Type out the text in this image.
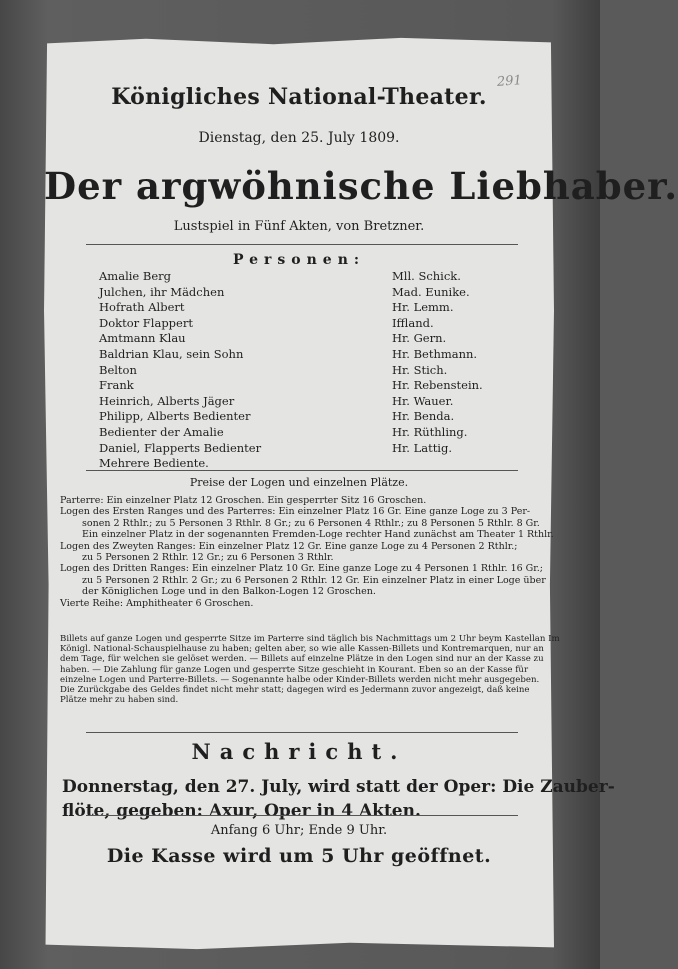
291
Königliches National-Theater.
Dienstag, den 25. July 1809.
Der argwöhnische Liebhaber.
Lustspiel in Fünf Akten, von Bretzner.
Personen:
Amalie Berg	Mll. Schick.
Julchen, ihr Mädchen	Mad. Eunike.
Hofrath Albert	Hr. Lemm.
Doktor Flappert	Iffland.
Amtmann Klau	Hr. Gern.
Baldrian Klau, sein Sohn	Hr. Bethmann.
Belton	Hr. Stich.
Frank	Hr. Rebenstein.
Heinrich, Alberts Jäger	Hr. Wauer.
Philipp, Alberts Bedienter	Hr. Benda.
Bedienter der Amalie	Hr. Rüthling.
Daniel, Flapperts Bedienter	Hr. Lattig.
Mehrere Bediente.
Preise der Logen und einzelnen Plätze.
Parterre: Ein einzelner Platz 12 Groschen. Ein gesperrter Sitz 16 Groschen.
Logen des Ersten Ranges und des Parterres: Ein einzelner Platz 16 Gr. Eine ganze Loge zu 3 Per-
sonen 2 Rthlr.; zu 5 Personen 3 Rthlr. 8 Gr.; zu 6 Personen 4 Rthlr.; zu 8 Personen 5 Rthlr. 8 Gr.
Ein einzelner Platz in der sogenannten Fremden-Loge rechter Hand zunächst am Theater 1 Rthlr.
Logen des Zweyten Ranges: Ein einzelner Platz 12 Gr. Eine ganze Loge zu 4 Personen 2 Rthlr.;
zu 5 Personen 2 Rthlr. 12 Gr.; zu 6 Personen 3 Rthlr.
Logen des Dritten Ranges: Ein einzelner Platz 10 Gr. Eine ganze Loge zu 4 Personen 1 Rthlr. 16 Gr.;
zu 5 Personen 2 Rthlr. 2 Gr.; zu 6 Personen 2 Rthlr. 12 Gr. Ein einzelner Platz in einer Loge über
der Königlichen Loge und in den Balkon-Logen 12 Groschen.
Vierte Reihe: Amphitheater 6 Groschen.
Billets auf ganze Logen und gesperrte Sitze im Parterre sind täglich bis Nachmittags um 2 Uhr beym Kastellan Im
Königl. National-Schauspielhause zu haben; gelten aber, so wie alle Kassen-Billets und Kontremarquen, nur an
dem Tage, für welchen sie gelöset werden. — Billets auf einzelne Plätze in den Logen sind nur an der Kasse zu
haben. — Die Zahlung für ganze Logen und gesperrte Sitze geschieht in Kourant. Eben so an der Kasse für
einzelne Logen und Parterre-Billets. — Sogenannte halbe oder Kinder-Billets werden nicht mehr ausgegeben.
Die Zurückgabe des Geldes findet nicht mehr statt; dagegen wird es Jedermann zuvor angezeigt, daß keine
Plätze mehr zu haben sind.
Nachricht.
Donnerstag, den 27. July, wird statt der Oper: Die Zauber-
flöte, gegeben: Axur, Oper in 4 Akten.
Anfang 6 Uhr; Ende 9 Uhr.
Die Kasse wird um 5 Uhr geöffnet.
